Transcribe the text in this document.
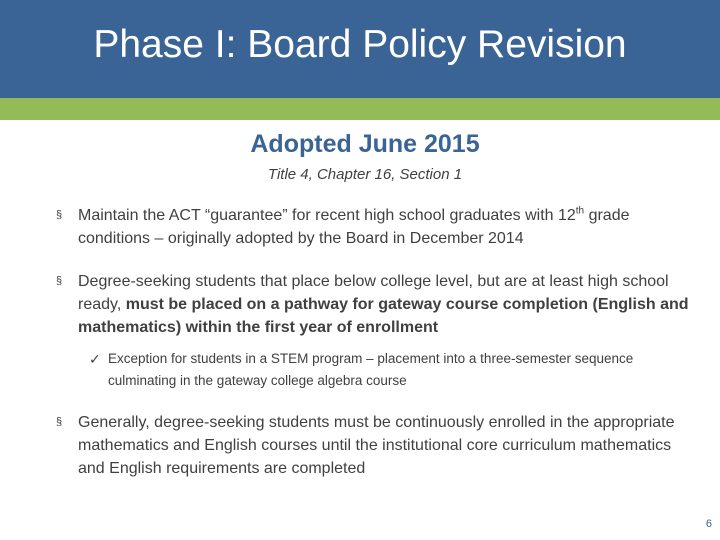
Phase I: Board Policy Revision
Adopted June 2015
Title 4, Chapter 16, Section 1
§ Maintain the ACT “guarantee” for recent high school graduates with 12th grade conditions – originally adopted by the Board in December 2014
§ Degree-seeking students that place below college level, but are at least high school ready, must be placed on a pathway for gateway course completion (English and mathematics) within the first year of enrollment
✓ Exception for students in a STEM program – placement into a three-semester sequence culminating in the gateway college algebra course
§ Generally, degree-seeking students must be continuously enrolled in the appropriate mathematics and English courses until the institutional core curriculum mathematics and English requirements are completed
6
